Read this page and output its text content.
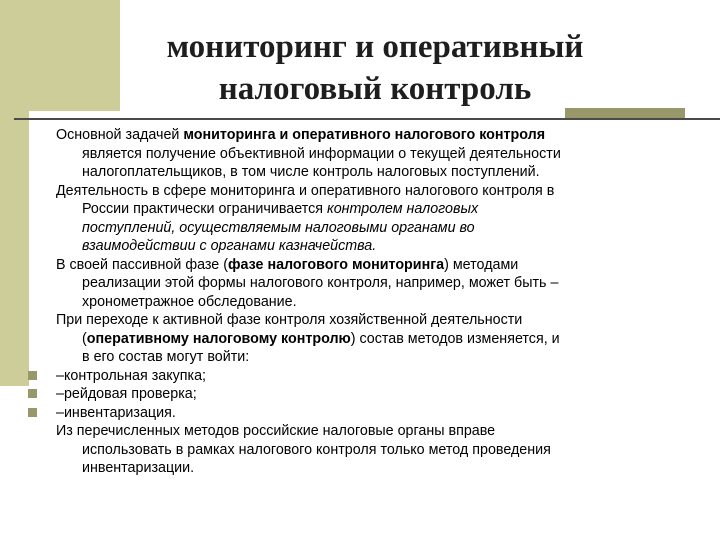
мониторинг и оперативный
налоговый контроль
Основной задачей мониторинга и оперативного налогового контроля
является получение объективной информации о текущей деятельности
налогоплательщиков, в том числе контроль налоговых поступлений.
Деятельность в сфере мониторинга и оперативного налогового контроля в
России практически ограничивается контролем налоговых
поступлений, осуществляемым налоговыми органами во
взаимодействии с органами казначейства.
В своей пассивной фазе (фазе налогового мониторинга) методами
реализации этой формы налогового контроля, например, может быть –
хронометражное обследование.
При переходе к активной фазе контроля хозяйственной деятельности
(оперативному налоговому контролю) состав методов изменяется, и
в его состав могут войти:
–контрольная закупка;
–рейдовая проверка;
–инвентаризация.
Из перечисленных методов российские налоговые органы вправе
использовать в рамках налогового контроля только метод проведения
инвентаризации.
